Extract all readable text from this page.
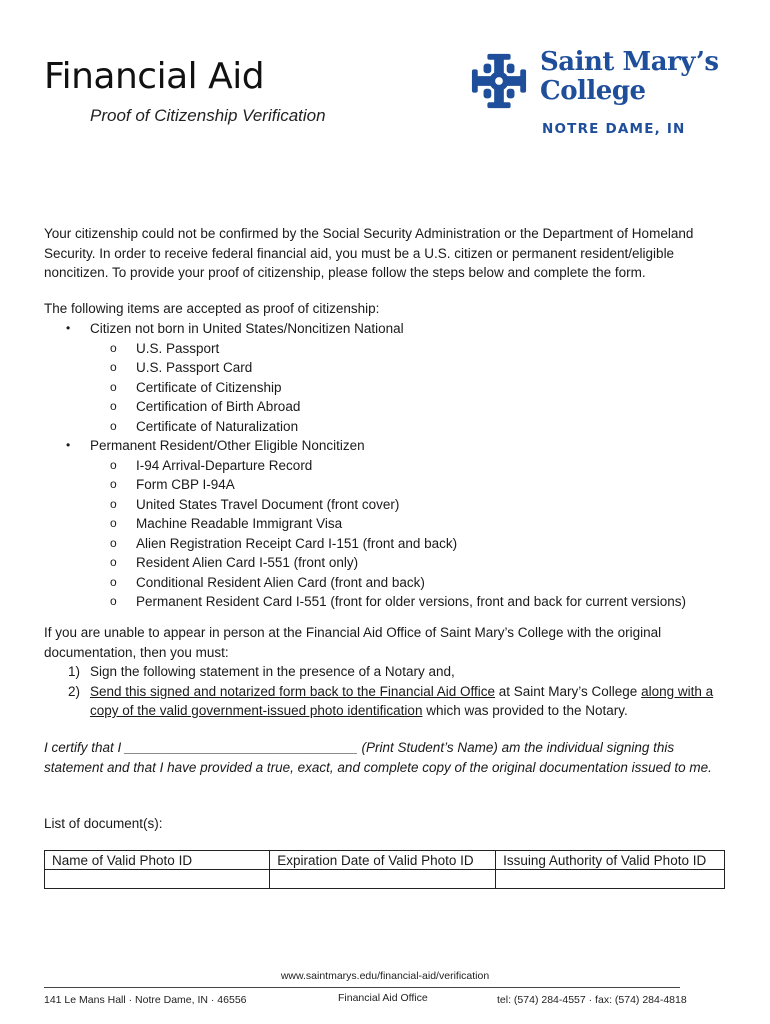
Financial Aid

Proof of Citizenship Verification

Saint Mary’s
College
NOTRE DAME, IN

Your citizenship could not be confirmed by the Social Security Administration or the Department of Homeland Security. In order to receive federal financial aid, you must be a U.S. citizen or permanent resident/eligible noncitizen. To provide your proof of citizenship, please follow the steps below and complete the form.

The following items are accepted as proof of citizenship:

• Citizen not born in United States/Noncitizen National
o U.S. Passport
o U.S. Passport Card
o Certificate of Citizenship
o Certification of Birth Abroad
o Certificate of Naturalization
• Permanent Resident/Other Eligible Noncitizen
o I-94 Arrival-Departure Record
o Form CBP I-94A
o United States Travel Document (front cover)
o Machine Readable Immigrant Visa
o Alien Registration Receipt Card I-151 (front and back)
o Resident Alien Card I-551 (front only)
o Conditional Resident Alien Card (front and back)
o Permanent Resident Card I-551 (front for older versions, front and back for current versions)

If you are unable to appear in person at the Financial Aid Office of Saint Mary’s College with the original documentation, then you must:

1) Sign the following statement in the presence of a Notary and,
2) Send this signed and notarized form back to the Financial Aid Office at Saint Mary’s College along with a copy of the valid government-issued photo identification which was provided to the Notary.

I certify that I _______________________________ (Print Student’s Name) am the individual signing this statement and that I have provided a true, exact, and complete copy of the original documentation issued to me.

List of document(s):

Name of Valid Photo ID	Expiration Date of Valid Photo ID	Issuing Authority of Valid Photo ID

www.saintmarys.edu/financial-aid/verification
141 Le Mans Hall · Notre Dame, IN · 46556	Financial Aid Office	tel: (574) 284-4557 · fax: (574) 284-4818
